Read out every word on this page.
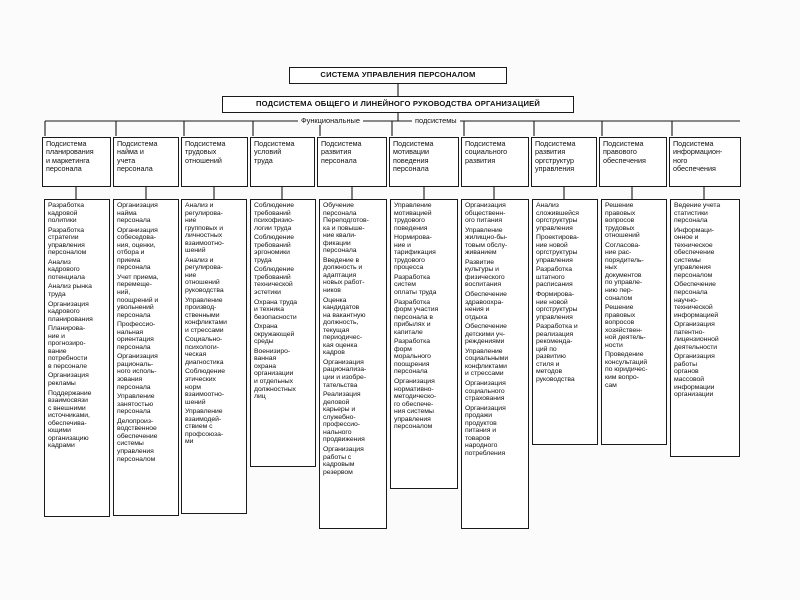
СИСТЕМА УПРАВЛЕНИЯ ПЕРСОНАЛОМ
ПОДСИСТЕМА ОБЩЕГО И ЛИНЕЙНОГО РУКОВОДСТВА ОРГАНИЗАЦИЕЙ
Функциональные	подсистемы
Подсистема
планирования
и маркетинга
персонала
Разработка
кадровой
политики
Разработка
стратегии
управления
персоналом
Анализ
кадрового
потенциала
Анализ рынка
труда
Организация
кадрового
планирования
Планирова-
ние и
прогнозиро-
вание
потребности
в персонале
Организация
рекламы
Поддержание
взаимосвязи
с внешними
источниками,
обеспечива-
ющими
организацию
кадрами
Подсистема
найма и
учета
персонала
Организация
найма
персонала
Организация
собеседова-
ния, оценки,
отбора и
приема
персонала
Учет приема,
перемеще-
ний,
поощрений и
увольнений
персонала
Профессио-
нальная
ориентация
персонала
Организация
рациональ-
ного исполь-
зования
персонала
Управление
занятостью
персонала
Делопроиз-
водственное
обеспечение
системы
управления
персоналом
Подсистема
трудовых
отношений
Анализ и
регулирова-
ние
групповых и
личностных
взаимоотно-
шений
Анализ и
регулирова-
ние
отношений
руководства
Управление
производ-
ственными
конфликтами
и стрессами
Социально-
психологи-
ческая
диагностика
Соблюдение
этических
норм
взаимоотно-
шений
Управление
взаимодей-
ствием с
профсоюза-
ми
Подсистема
условий
труда
Соблюдение
требований
психофизио-
логии труда
Соблюдение
требований
эргономики
труда
Соблюдение
требований
технической
эстетики
Охрана труда
и техника
безопасности
Охрана
окружающей
среды
Военизиро-
ванная
охрана
организации
и отдельных
должностных
лиц
Подсистема
развития
персонала
Обучение
персонала
Переподготов-
ка и повыше-
ние квали-
фикации
персонала
Введение в
должность и
адаптация
новых работ-
ников
Оценка
кандидатов
на вакантную
должность,
текущая
периодичес-
кая оценка
кадров
Организация
рационализа-
ции и изобре-
тательства
Реализация
деловой
карьеры и
служебно-
профессио-
нального
продвижения
Организация
работы с
кадровым
резервом
Подсистема
мотивации
поведения
персонала
Управление
мотивацией
трудового
поведения
Нормирова-
ние и
тарификация
трудового
процесса
Разработка
систем
оплаты труда
Разработка
форм участия
персонала в
прибылях и
капитале
Разработка
форм
морального
поощрения
персонала
Организация
нормативно-
методическо-
го обеспече-
ния системы
управления
персоналом
Подсистема
социального
развития
Организация
общественн-
ого питания
Управление
жилищно-бы-
товым обслу-
живанием
Развитие
культуры и
физического
воспитания
Обеспечение
здравоохра-
нения и
отдыха
Обеспечение
детскими уч-
реждениями
Управление
социальными
конфликтами
и стрессами
Организация
социального
страхования
Организация
продажи
продуктов
питания и
товаров
народного
потребления
Подсистема
развития
оргструктур
управления
Анализ
сложившейся
оргструктуры
управления
Проектирова-
ние новой
оргструктуры
управления
Разработка
штатного
расписания
Формирова-
ние новой
оргструктуры
управления
Разработка и
реализация
рекоменда-
ций по
развитию
стиля и
методов
руководства
Подсистема
правового
обеспечения
Решение
правовых
вопросов
трудовых
отношений
Согласова-
ние рас-
порядитель-
ных
документов
по управле-
нию пер-
соналом
Решение
правовых
вопросов
хозяйствен-
ной деятель-
ности
Проведение
консультаций
по юридичес-
ким вопро-
сам
Подсистема
информацион-
ного
обеспечения
Ведение учета
статистики
персонала
Информаци-
онное и
техническое
обеспечение
системы
управления
персоналом
Обеспечение
персонала
научно-
технической
информацией
Организация
патентно-
лицензионной
деятельности
Организация
работы
органов
массовой
информации
организации
